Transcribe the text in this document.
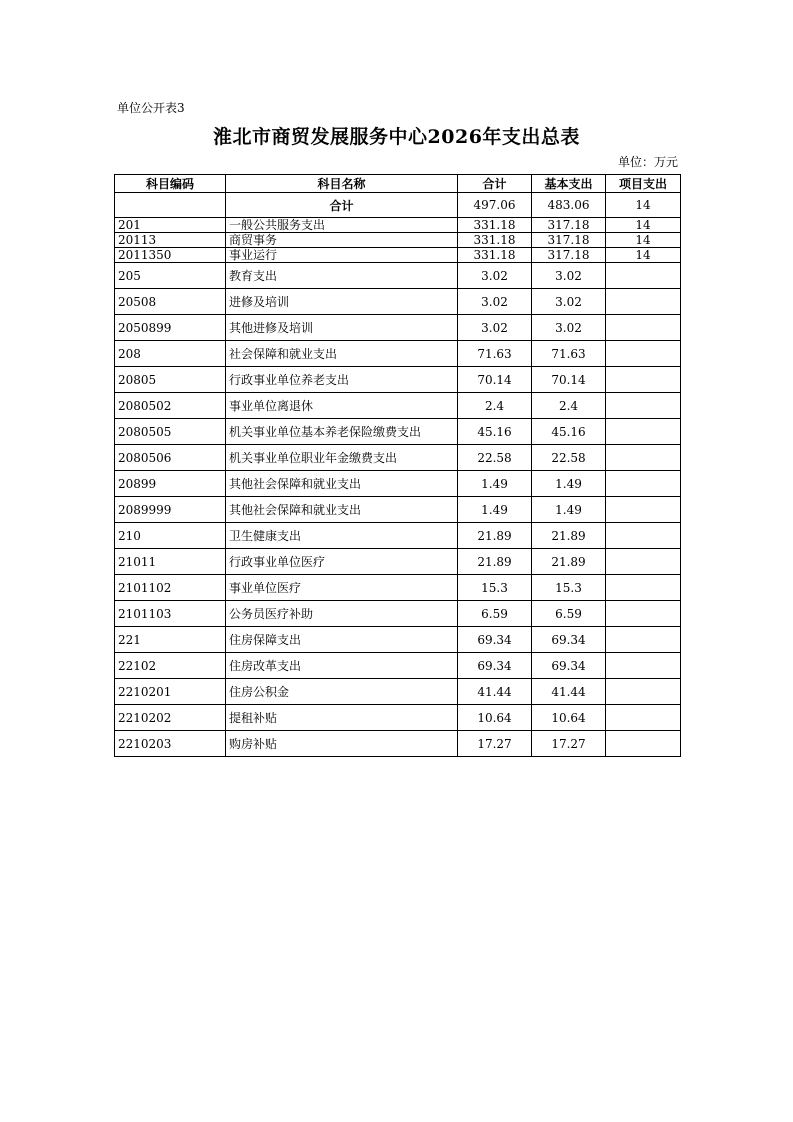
单位公开表3
淮北市商贸发展服务中心2026年支出总表
单位：万元
科目编码	科目名称	合计	基本支出	项目支出
	合计	497.06	483.06	14
201	一般公共服务支出	331.18	317.18	14
20113	商贸事务	331.18	317.18	14
2011350	事业运行	331.18	317.18	14
205	教育支出	3.02	3.02	
20508	进修及培训	3.02	3.02	
2050899	其他进修及培训	3.02	3.02	
208	社会保障和就业支出	71.63	71.63	
20805	行政事业单位养老支出	70.14	70.14	
2080502	事业单位离退休	2.4	2.4	
2080505	机关事业单位基本养老保险缴费支出	45.16	45.16	
2080506	机关事业单位职业年金缴费支出	22.58	22.58	
20899	其他社会保障和就业支出	1.49	1.49	
2089999	其他社会保障和就业支出	1.49	1.49	
210	卫生健康支出	21.89	21.89	
21011	行政事业单位医疗	21.89	21.89	
2101102	事业单位医疗	15.3	15.3	
2101103	公务员医疗补助	6.59	6.59	
221	住房保障支出	69.34	69.34	
22102	住房改革支出	69.34	69.34	
2210201	住房公积金	41.44	41.44	
2210202	提租补贴	10.64	10.64	
2210203	购房补贴	17.27	17.27	
